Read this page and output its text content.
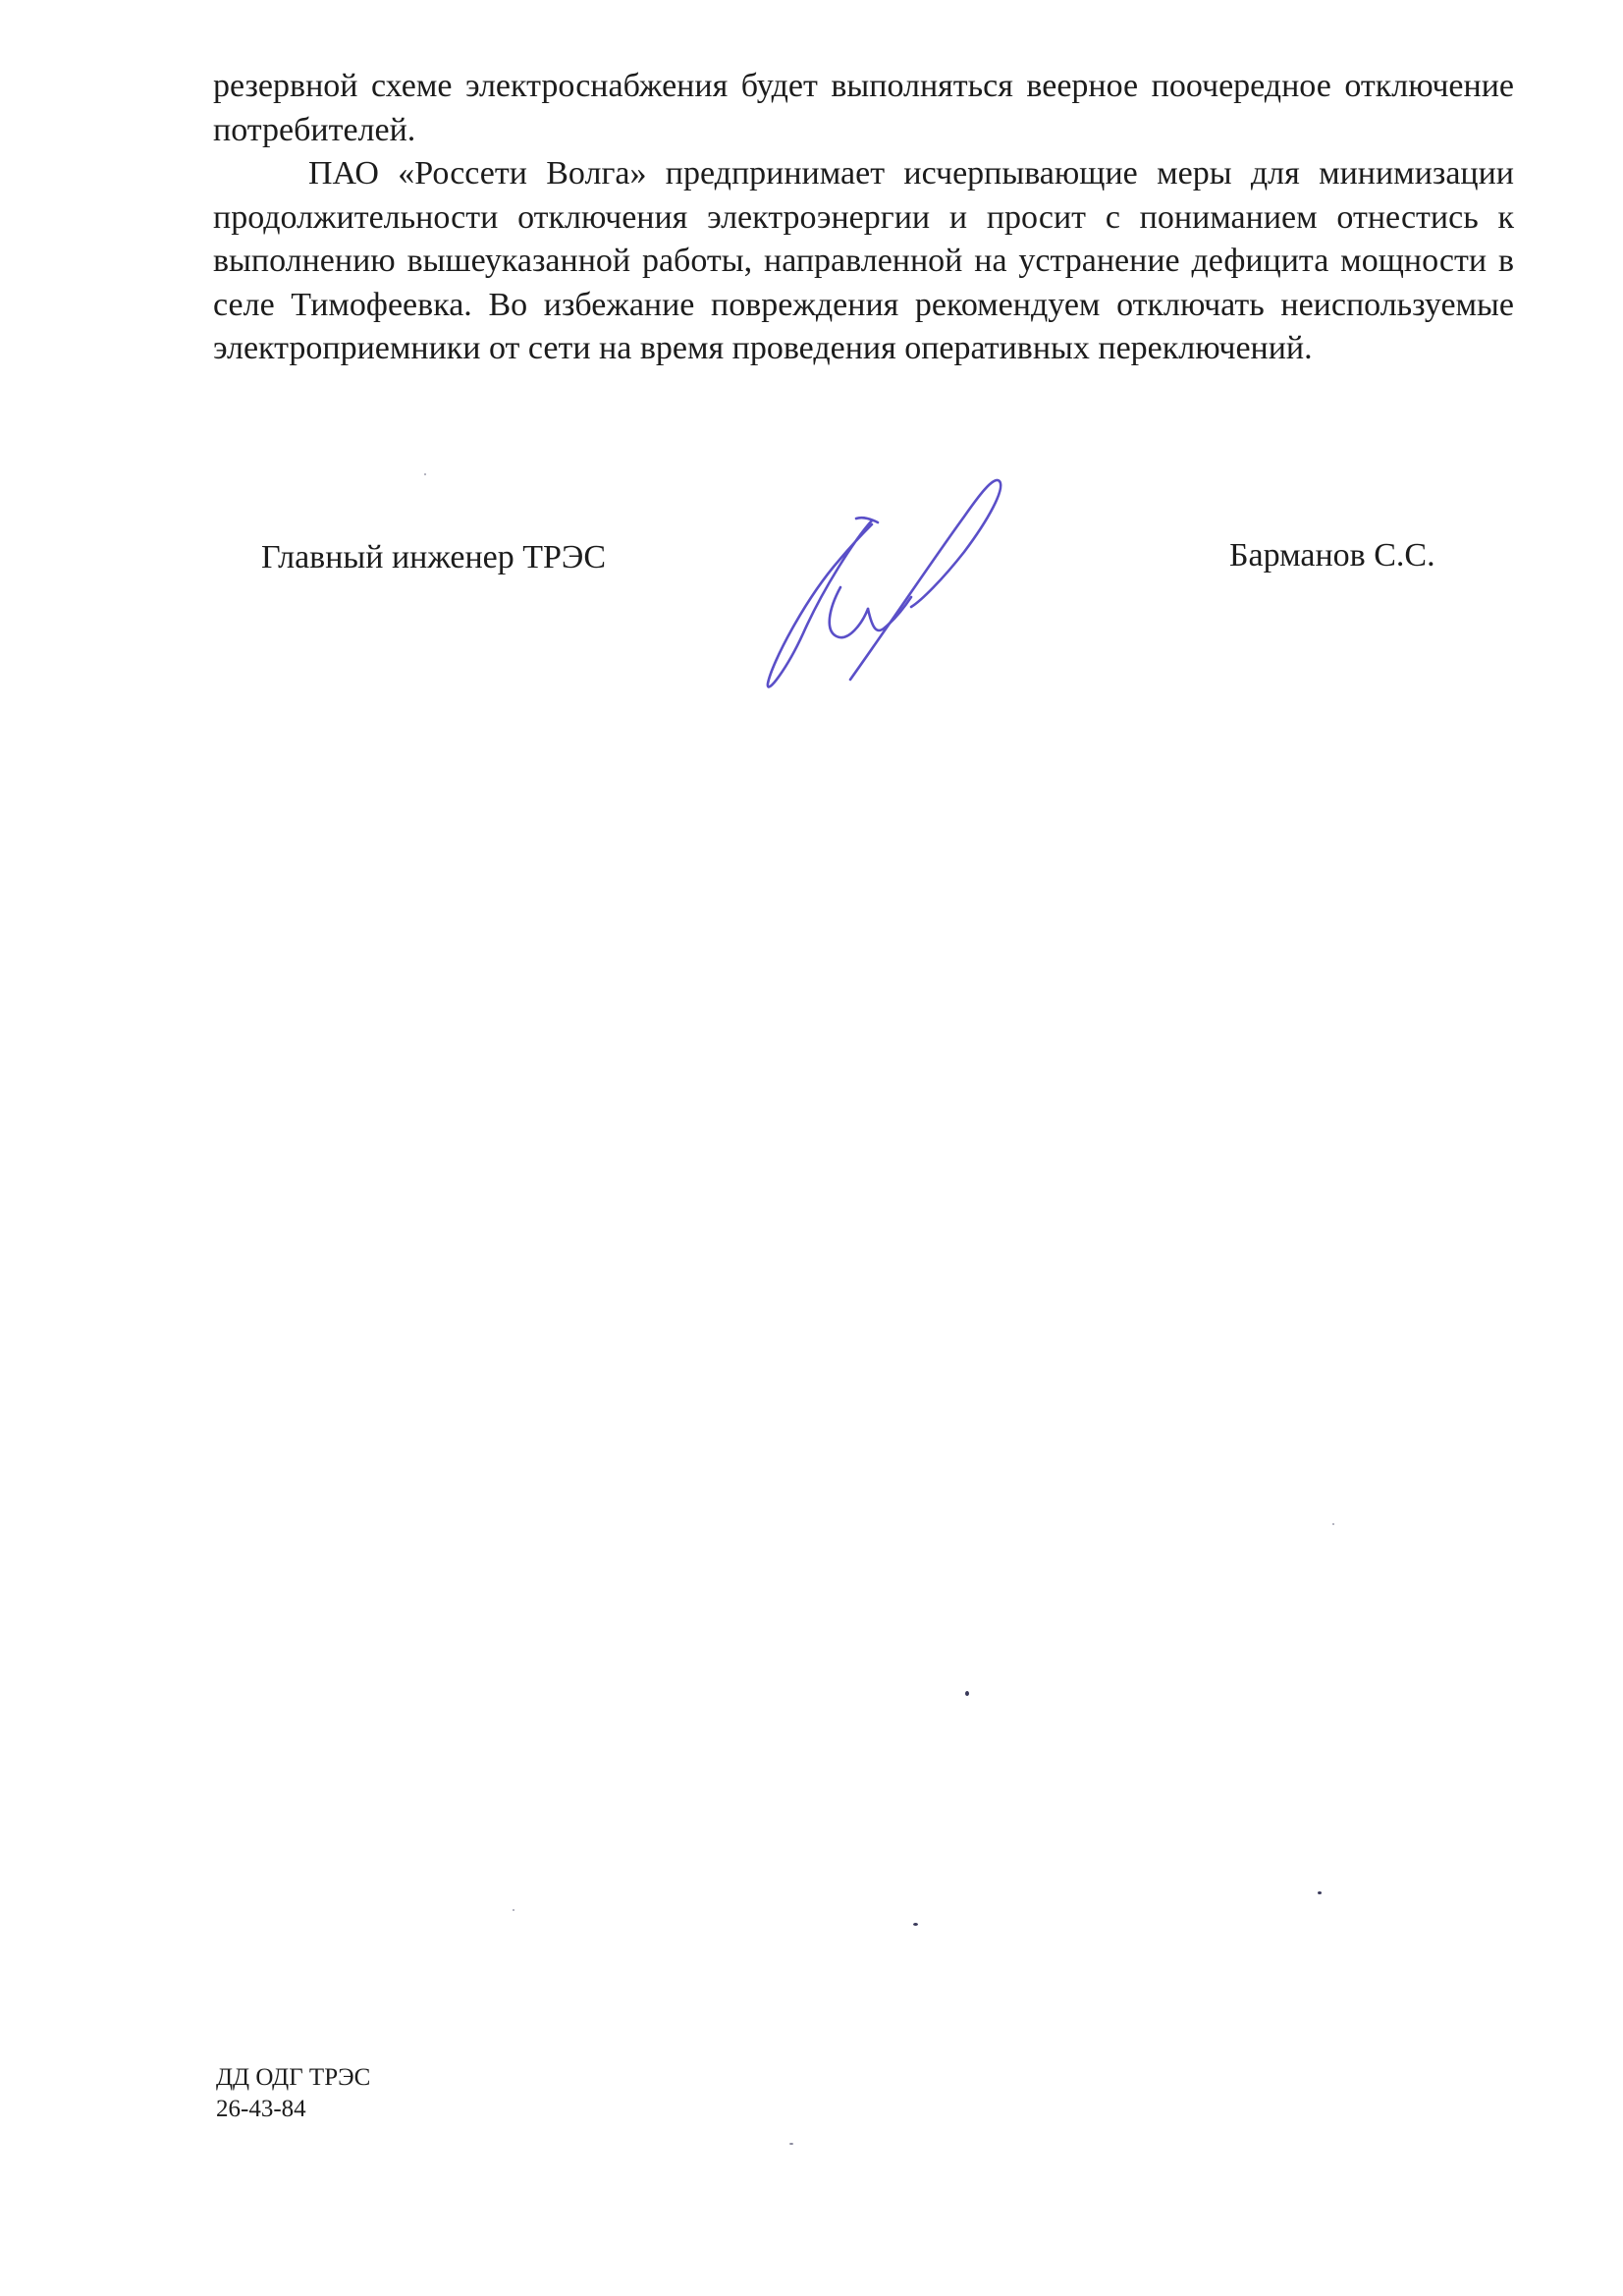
резервной схеме электроснабжения будет выполняться веерное поочередное отключение потребителей.

ПАО «Россети Волга» предпринимает исчерпывающие меры для минимизации продолжительности отключения электроэнергии и просит с пониманием отнестись к выполнению вышеуказанной работы, направленной на устранение дефицита мощности в селе Тимофеевка. Во избежание повреждения рекомендуем отключать неиспользуемые электроприемники от сети на время проведения оперативных переключений.

Главный инженер ТРЭС	Барманов С.С.

ДД ОДГ ТРЭС
26-43-84
